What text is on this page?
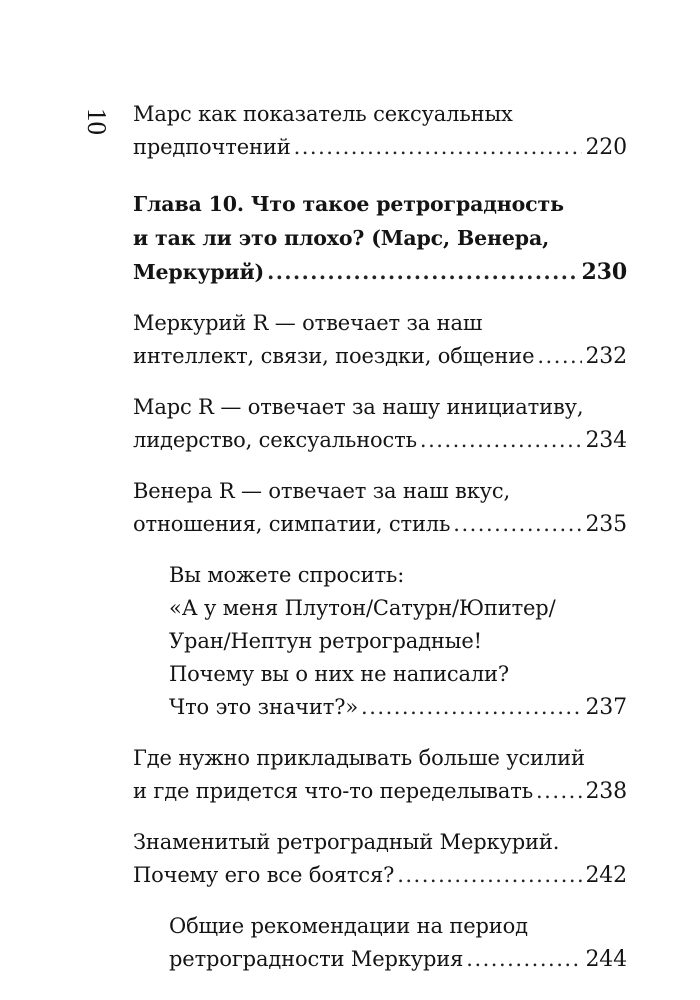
10 Марс как показатель сексуальных
предпочтений .....	220
Глава 10. Что такое ретроградность
и так ли это плохо? (Марс, Венера,
Меркурий) .....	230
Меркурий R — отвечает за наш
интеллект, связи, поездки, общение ..... 232
Марс R — отвечает за нашу инициативу,
лидерство, сексуальность .....	234
Венера R — отвечает за наш вкус,
отношения, симпатии, стиль .....	235
Вы можете спросить:
«А у меня Плутон/Сатурн/Юпитер/
Уран/Нептун ретроградные!
Почему вы о них не написали?
Что это значит?» .....	237
Где нужно прикладывать больше усилий
и где придется что-то переделывать ..... 238
Знаменитый ретроградный Меркурий.
Почему его все боятся? .....	242
Общие рекомендации на период
ретроградности Меркурия .....	244
